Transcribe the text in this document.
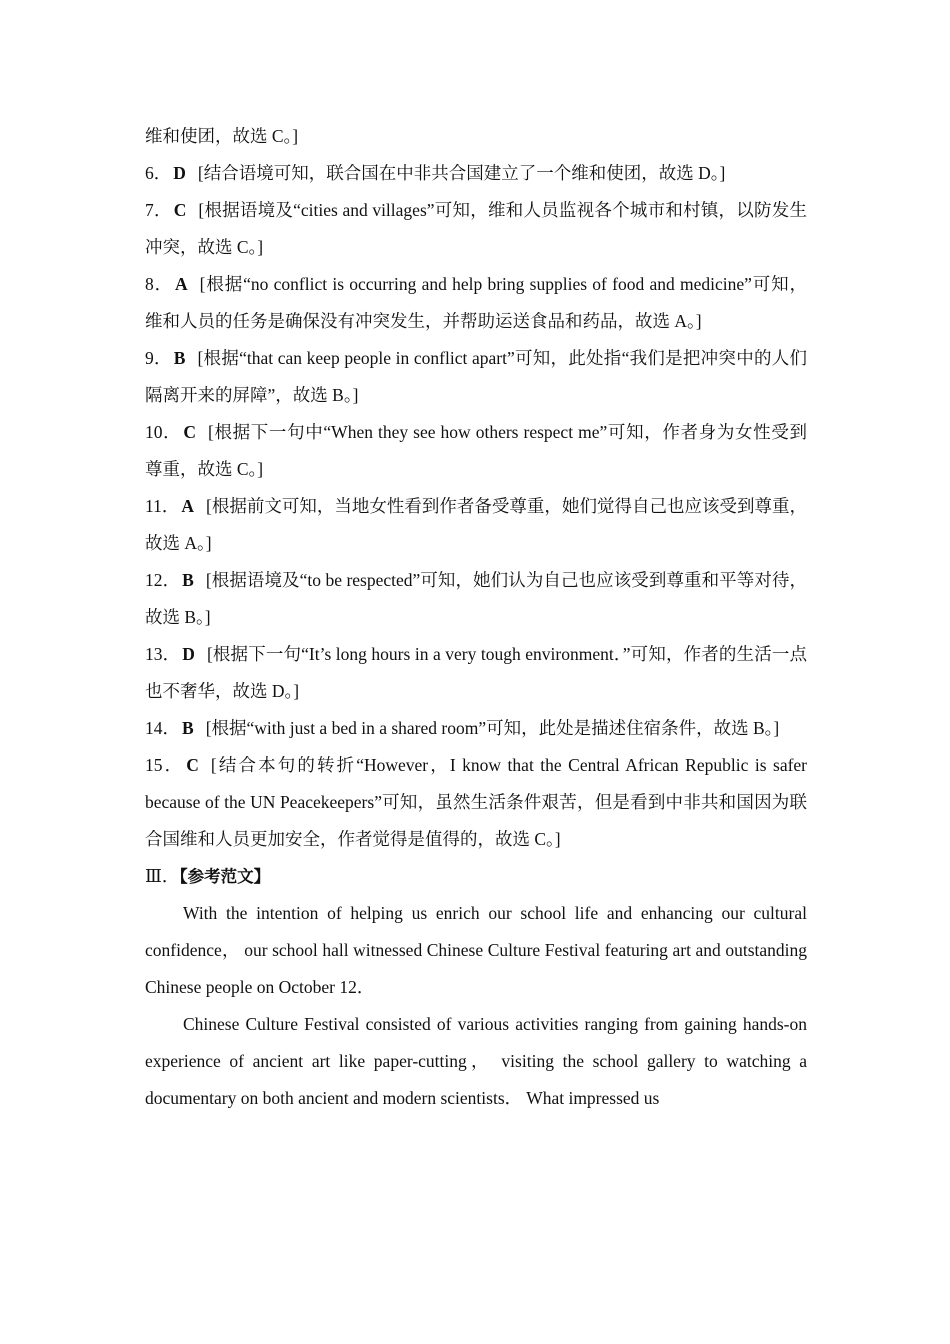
维和使团，故选 C。]

6． D [结合语境可知，联合国在中非共合国建立了一个维和使团，故选 D。]

7． C [根据语境及“cities and villages”可知，维和人员监视各个城市和村镇，以防发生冲突，故选 C。]

8． A [根据“no conflict is occurring and help bring supplies of food and medicine”可知，维和人员的任务是确保没有冲突发生，并帮助运送食品和药品，故选 A。]

9． B [根据“that can keep people in conflict apart”可知，此处指“我们是把冲突中的人们隔离开来的屏障”，故选 B。]

10． C [根据下一句中“When they see how others respect me”可知，作者身为女性受到尊重，故选 C。]

11． A [根据前文可知，当地女性看到作者备受尊重，她们觉得自己也应该受到尊重，故选 A。]

12． B [根据语境及“to be respected”可知，她们认为自己也应该受到尊重和平等对待，故选 B。]

13． D [根据下一句“It’s long hours in a very tough environment．”可知，作者的生活一点也不奢华，故选 D。]

14． B [根据“with just a bed in a shared room”可知，此处是描述住宿条件，故选 B。]

15． C [结合本句的转折“However，I know that the Central African Republic is safer because of the UN Peacekeepers”可知，虽然生活条件艰苦，但是看到中非共和国因为联合国维和人员更加安全，作者觉得是值得的，故选 C。]

Ⅲ．【参考范文】

With the intention of helping us enrich our school life and enhancing our cultural confidence， our school hall witnessed Chinese Culture Festival featuring art and outstanding Chinese people on October 12．

Chinese Culture Festival consisted of various activities ranging from gaining hands-on experience of ancient art like paper-cutting， visiting the school gallery to watching a documentary on both ancient and modern scientists． What impressed us
